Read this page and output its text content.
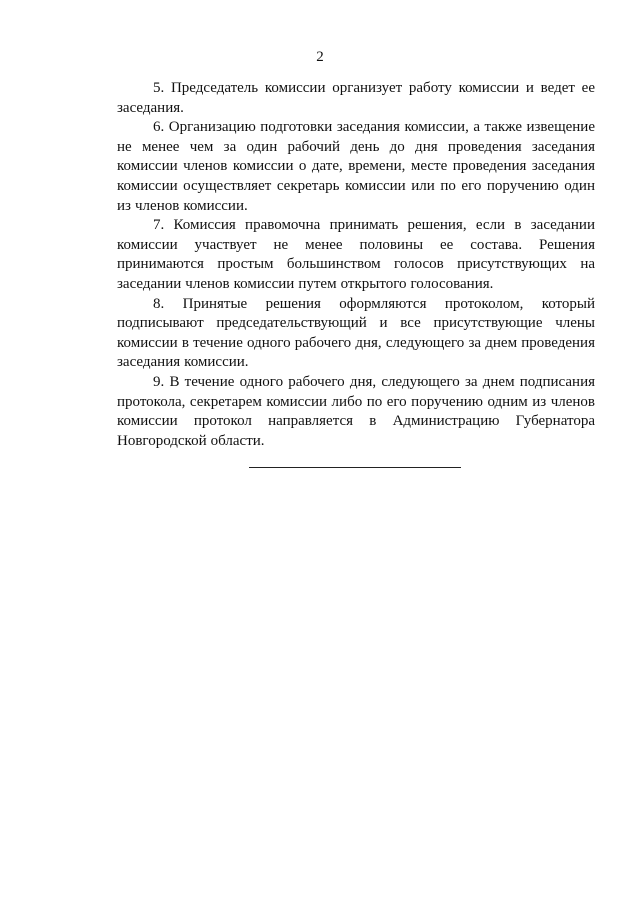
2

5. Председатель комиссии организует работу комиссии и ведет ее заседания.

6. Организацию подготовки заседания комиссии, а также извещение не менее чем за один рабочий день до дня проведения заседания комиссии членов комиссии о дате, времени, месте проведения заседания комиссии осуществляет секретарь комиссии или по его поручению один из членов комиссии.

7. Комиссия правомочна принимать решения, если в заседании комиссии участвует не менее половины ее состава. Решения принимаются простым большинством голосов присутствующих на заседании членов комиссии путем открытого голосования.

8. Принятые решения оформляются протоколом, который подписывают председательствующий и все присутствующие члены комиссии в течение одного рабочего дня, следующего за днем проведения заседания комиссии.

9. В течение одного рабочего дня, следующего за днем подписания протокола, секретарем комиссии либо по его поручению одним из членов комиссии протокол направляется в Администрацию Губернатора Новгородской области.
